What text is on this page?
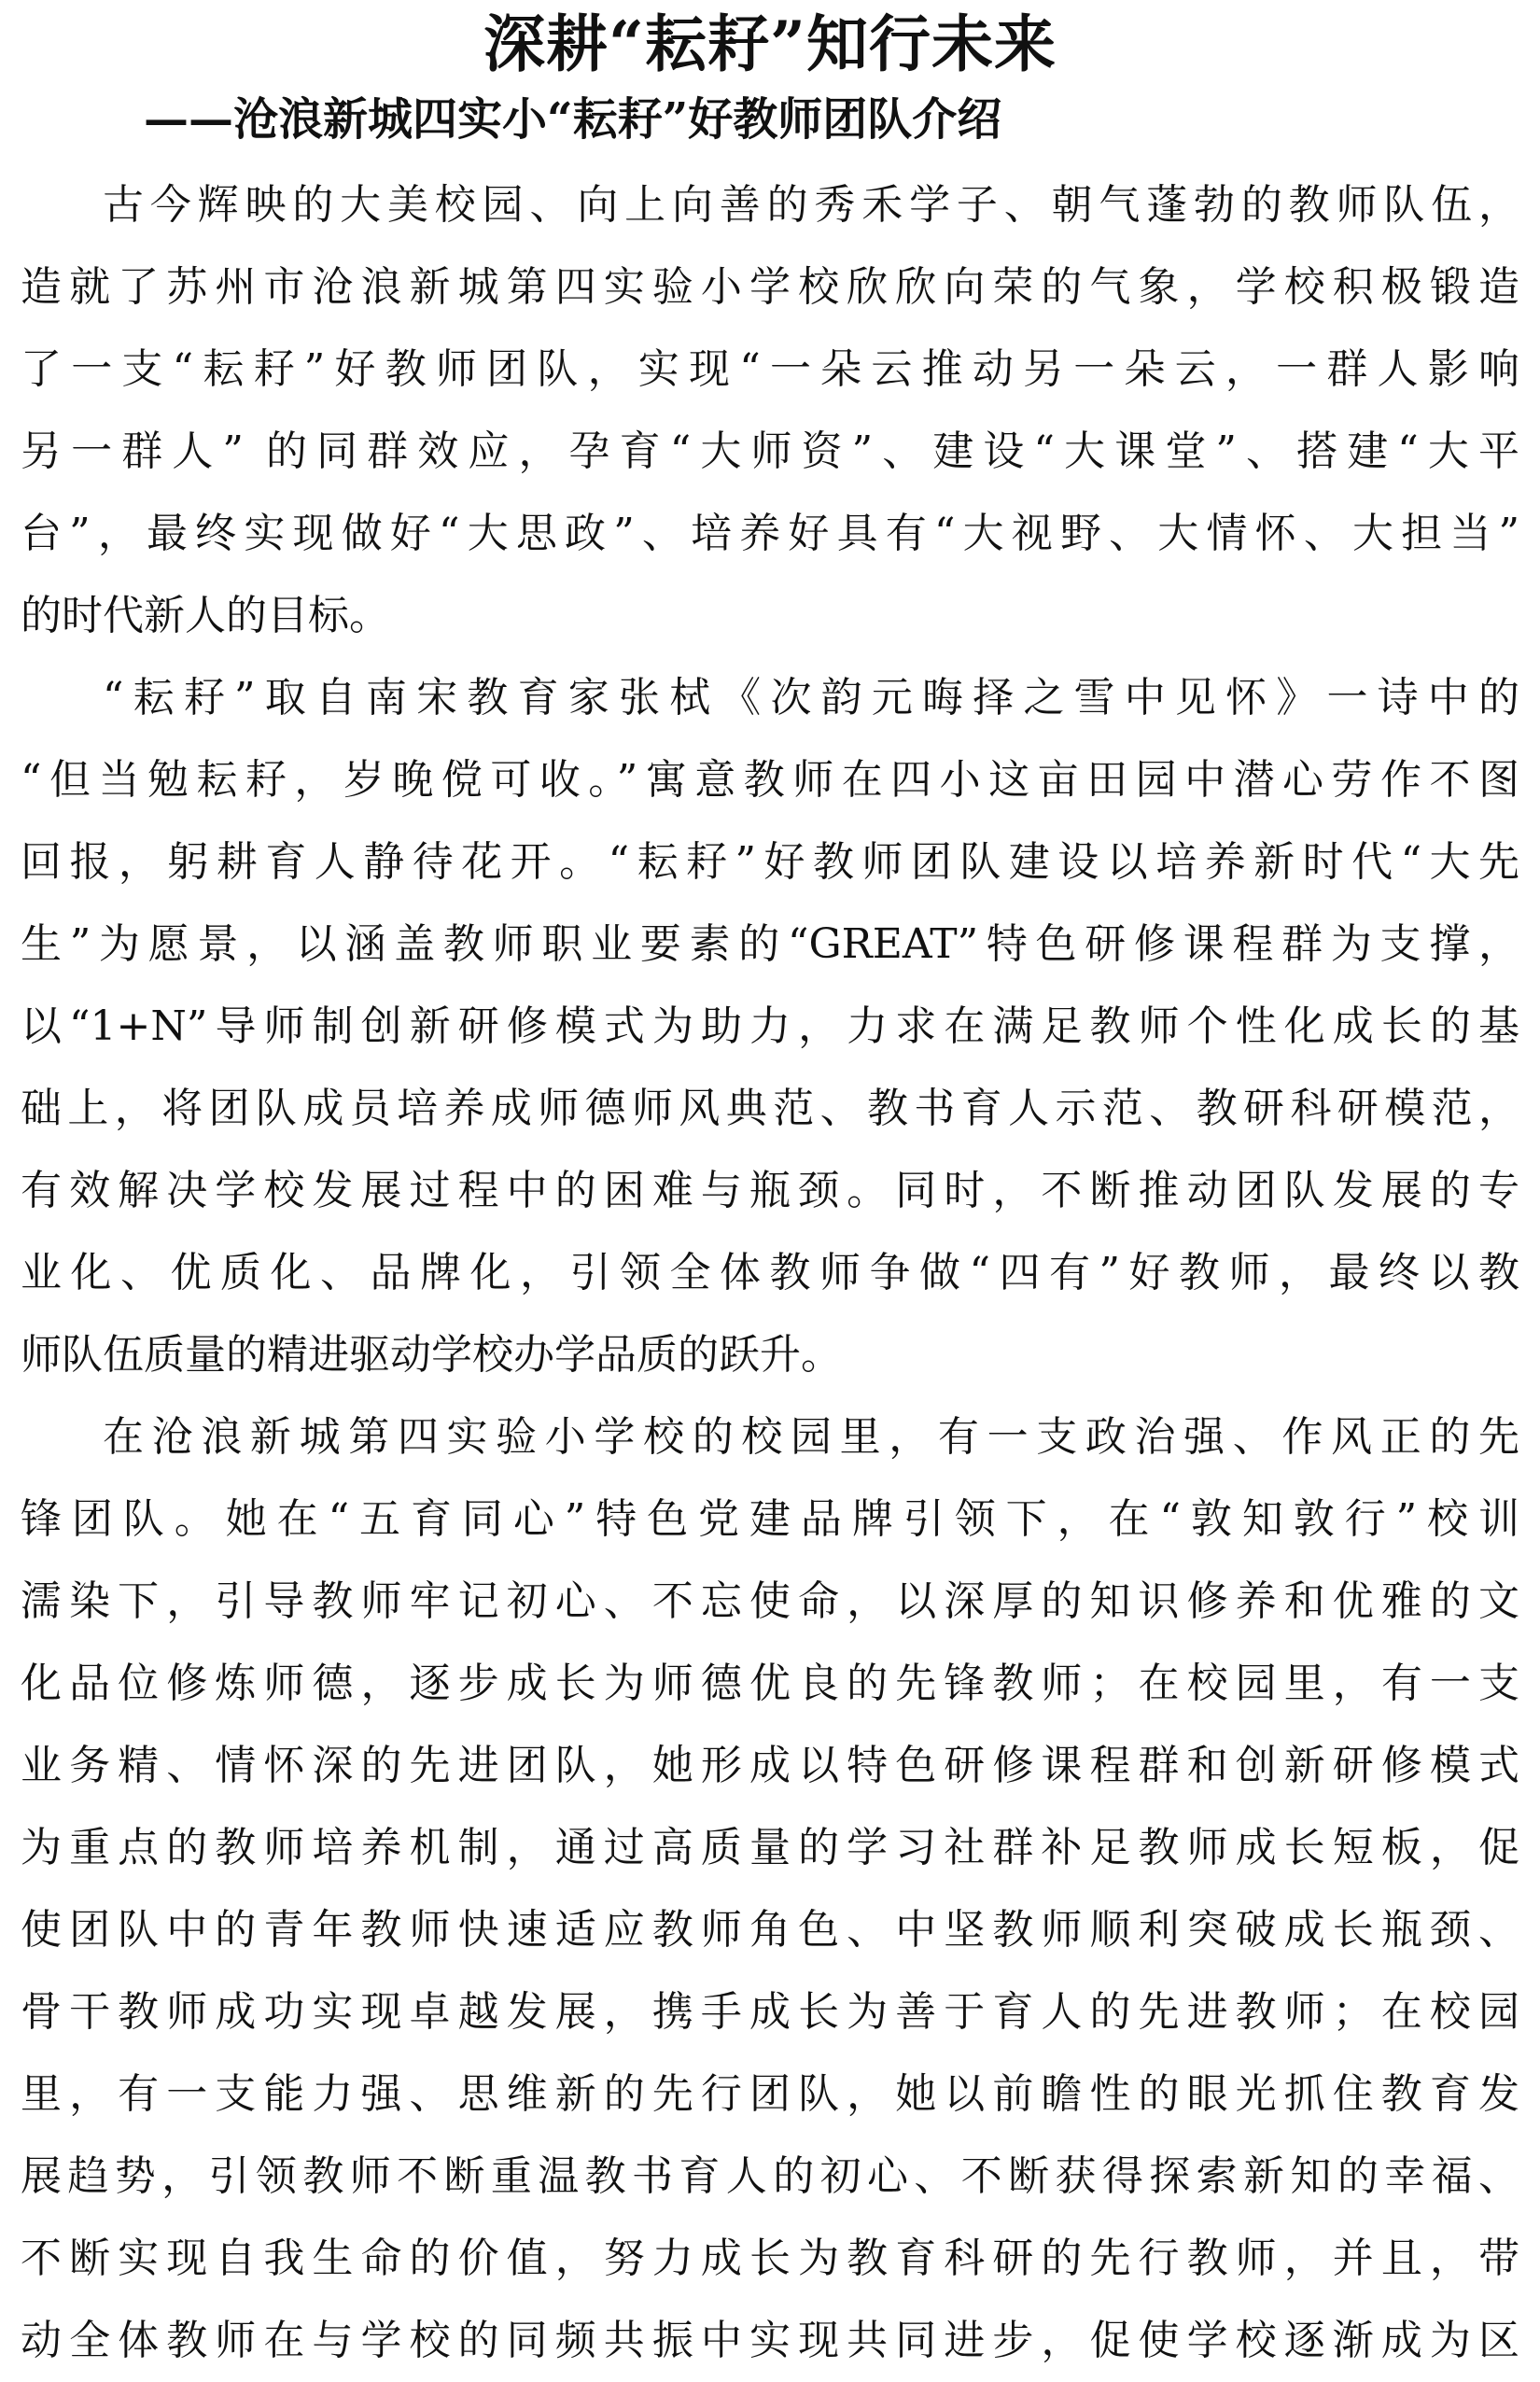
深耕“耘耔”知行未来
——沧浪新城四实小“耘耔”好教师团队介绍
古今辉映的大美校园、向上向善的秀禾学子、朝气蓬勃的教师队伍，
造就了苏州市沧浪新城第四实验小学校欣欣向荣的气象，学校积极锻造
了一支“耘耔”好教师团队，实现“一朵云推动另一朵云，一群人影响
另一群人” 的同群效应，孕育“大师资”、建设“大课堂”、搭建“大平
台”，最终实现做好“大思政”、培养好具有“大视野、大情怀、大担当”
的时代新人的目标。
“耘耔”取自南宋教育家张栻《次韵元晦择之雪中见怀》一诗中的
“但当勉耘耔，岁晚傥可收。”寓意教师在四小这亩田园中潜心劳作不图
回报，躬耕育人静待花开。“耘耔”好教师团队建设以培养新时代“大先
生”为愿景，以涵盖教师职业要素的“GREAT”特色研修课程群为支撑，
以“1+N”导师制创新研修模式为助力，力求在满足教师个性化成长的基
础上，将团队成员培养成师德师风典范、教书育人示范、教研科研模范，
有效解决学校发展过程中的困难与瓶颈。同时，不断推动团队发展的专
业化、优质化、品牌化，引领全体教师争做“四有”好教师，最终以教
师队伍质量的精进驱动学校办学品质的跃升。
在沧浪新城第四实验小学校的校园里，有一支政治强、作风正的先
锋团队。她在“五育同心”特色党建品牌引领下，在“敦知敦行”校训
濡染下，引导教师牢记初心、不忘使命，以深厚的知识修养和优雅的文
化品位修炼师德，逐步成长为师德优良的先锋教师；在校园里，有一支
业务精、情怀深的先进团队，她形成以特色研修课程群和创新研修模式
为重点的教师培养机制，通过高质量的学习社群补足教师成长短板，促
使团队中的青年教师快速适应教师角色、中坚教师顺利突破成长瓶颈、
骨干教师成功实现卓越发展，携手成长为善于育人的先进教师；在校园
里，有一支能力强、思维新的先行团队，她以前瞻性的眼光抓住教育发
展趋势，引领教师不断重温教书育人的初心、不断获得探索新知的幸福、
不断实现自我生命的价值，努力成长为教育科研的先行教师，并且，带
动全体教师在与学校的同频共振中实现共同进步，促使学校逐渐成为区
